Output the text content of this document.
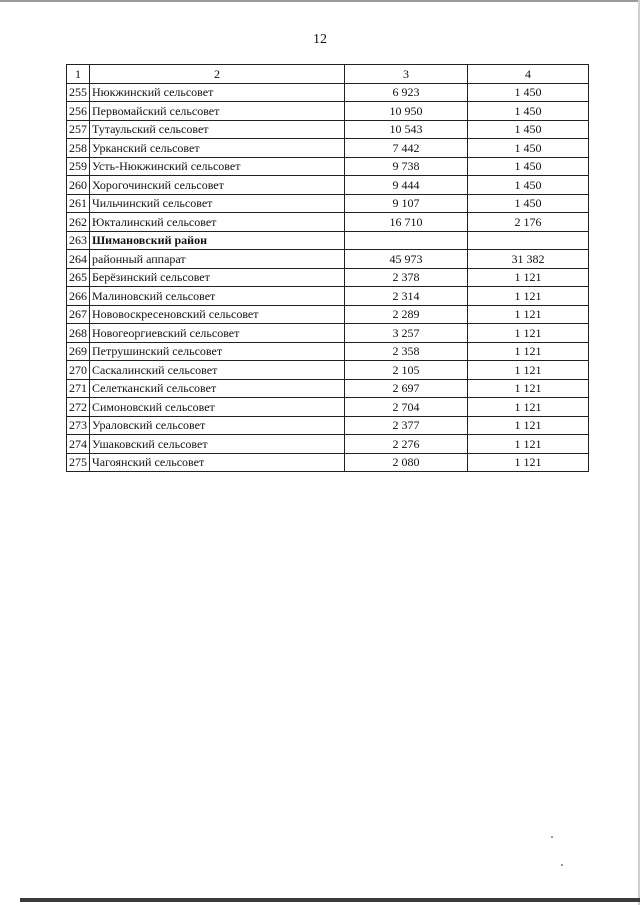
12
1	2	3	4
255	Нюкжинский сельсовет	6 923	1 450
256	Первомайский сельсовет	10 950	1 450
257	Тутаульский сельсовет	10 543	1 450
258	Урканский сельсовет	7 442	1 450
259	Усть-Нюкжинский сельсовет	9 738	1 450
260	Хорогочинский сельсовет	9 444	1 450
261	Чильчинский сельсовет	9 107	1 450
262	Юкталинский сельсовет	16 710	2 176
263	Шимановский район		
264	районный аппарат	45 973	31 382
265	Берёзинский сельсовет	2 378	1 121
266	Малиновский сельсовет	2 314	1 121
267	Нововоскресеновский сельсовет	2 289	1 121
268	Новогеоргиевский сельсовет	3 257	1 121
269	Петрушинский сельсовет	2 358	1 121
270	Саскалинский сельсовет	2 105	1 121
271	Селетканский сельсовет	2 697	1 121
272	Симоновский сельсовет	2 704	1 121
273	Ураловский сельсовет	2 377	1 121
274	Ушаковский сельсовет	2 276	1 121
275	Чагоянский сельсовет	2 080	1 121
